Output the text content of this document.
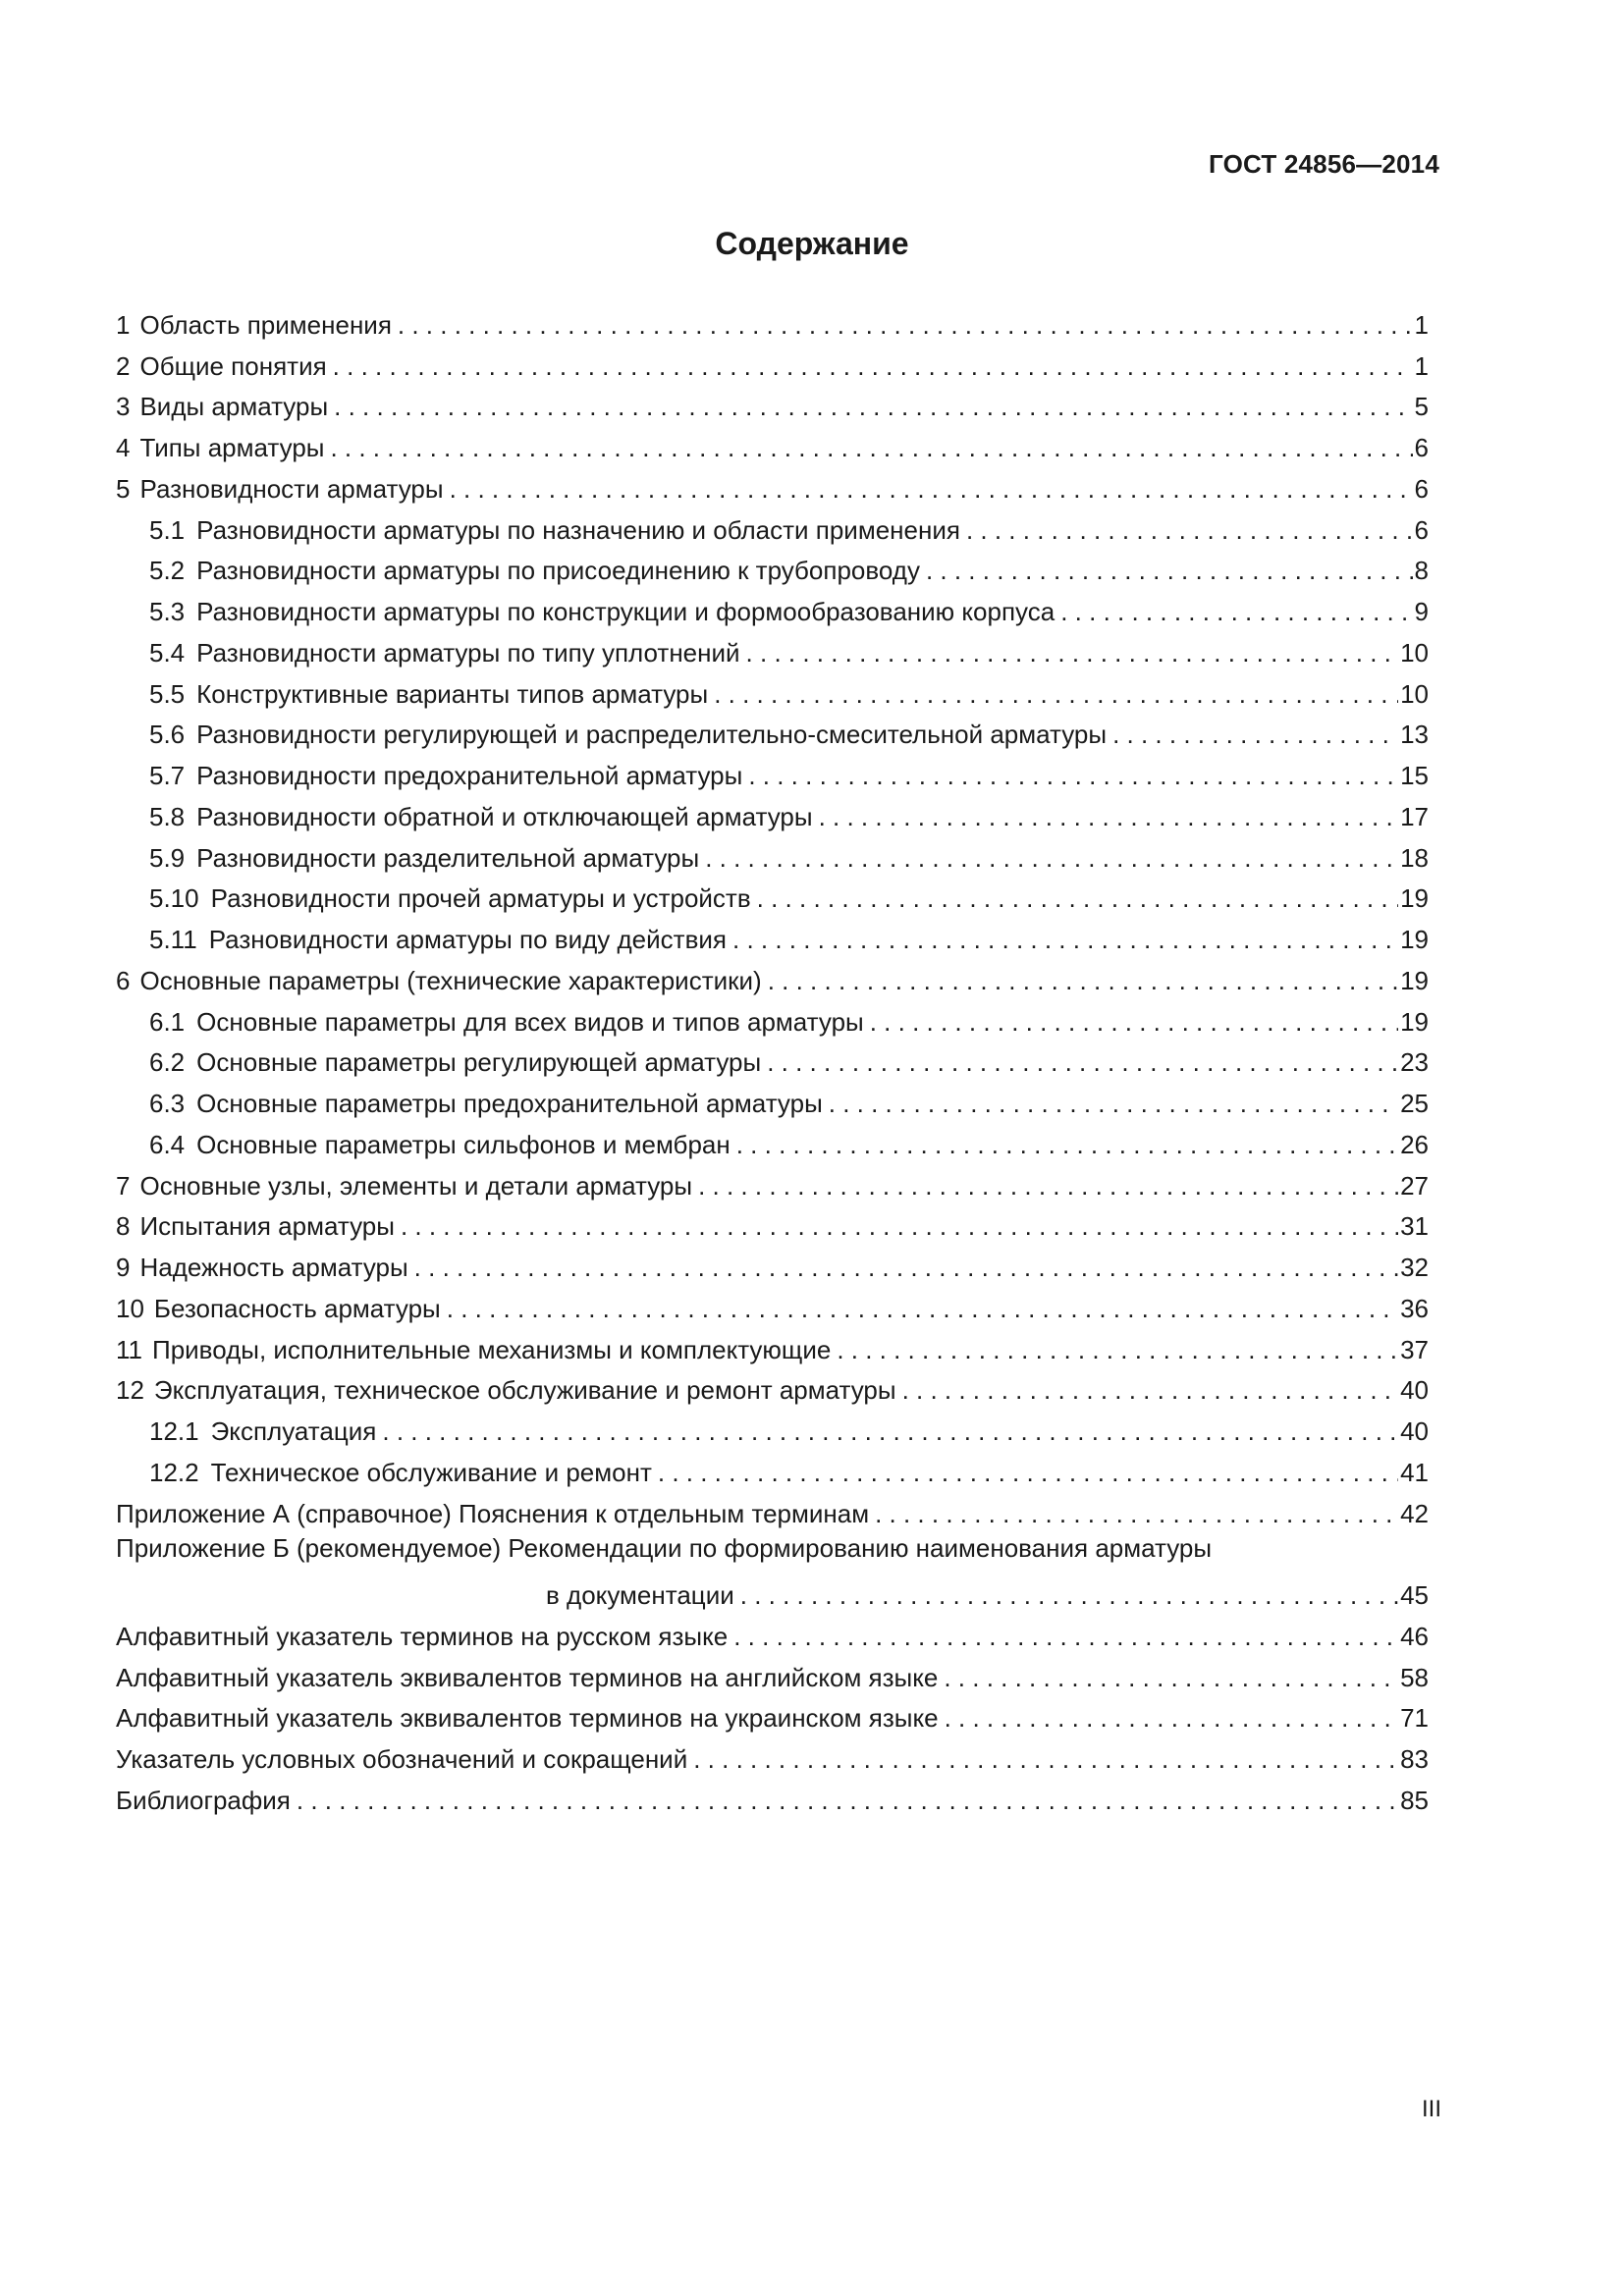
ГОСТ 24856—2014
Содержание
1 Область применения . . .	1
2 Общие понятия . . .	1
3 Виды арматуры . . .	5
4 Типы арматуры . . .	6
5 Разновидности арматуры . . .	6
5.1 Разновидности арматуры по назначению и области применения . . .	6
5.2 Разновидности арматуры по присоединению к трубопроводу . . .	8
5.3 Разновидности арматуры по конструкции и формообразованию корпуса . . .	9
5.4 Разновидности арматуры по типу уплотнений . . .	10
5.5 Конструктивные варианты типов арматуры . . .	10
5.6 Разновидности регулирующей и распределительно-смесительной арматуры . . .	13
5.7 Разновидности предохранительной арматуры . . .	15
5.8 Разновидности обратной и отключающей арматуры . . .	17
5.9 Разновидности разделительной арматуры . . .	18
5.10 Разновидности прочей арматуры и устройств . . .	19
5.11 Разновидности арматуры по виду действия . . .	19
6 Основные параметры (технические характеристики) . . .	19
6.1 Основные параметры для всех видов и типов арматуры . . .	19
6.2 Основные параметры регулирующей арматуры . . .	23
6.3 Основные параметры предохранительной арматуры . . .	25
6.4 Основные параметры сильфонов и мембран . . .	26
7 Основные узлы, элементы и детали арматуры . . .	27
8 Испытания арматуры . . .	31
9 Надежность арматуры . . .	32
10 Безопасность арматуры . . .	36
11 Приводы, исполнительные механизмы и комплектующие . . .	37
12 Эксплуатация, техническое обслуживание и ремонт арматуры . . .	40
12.1 Эксплуатация . . .	40
12.2 Техническое обслуживание и ремонт . . .	41
Приложение А (справочное) Пояснения к отдельным терминам . . .	42
Приложение Б (рекомендуемое) Рекомендации по формированию наименования арматуры
в документации . . .	45
Алфавитный указатель терминов на русском языке . . .	46
Алфавитный указатель эквивалентов терминов на английском языке . . .	58
Алфавитный указатель эквивалентов терминов на украинском языке . . .	71
Указатель условных обозначений и сокращений . . .	83
Библиография . . .	85
III
